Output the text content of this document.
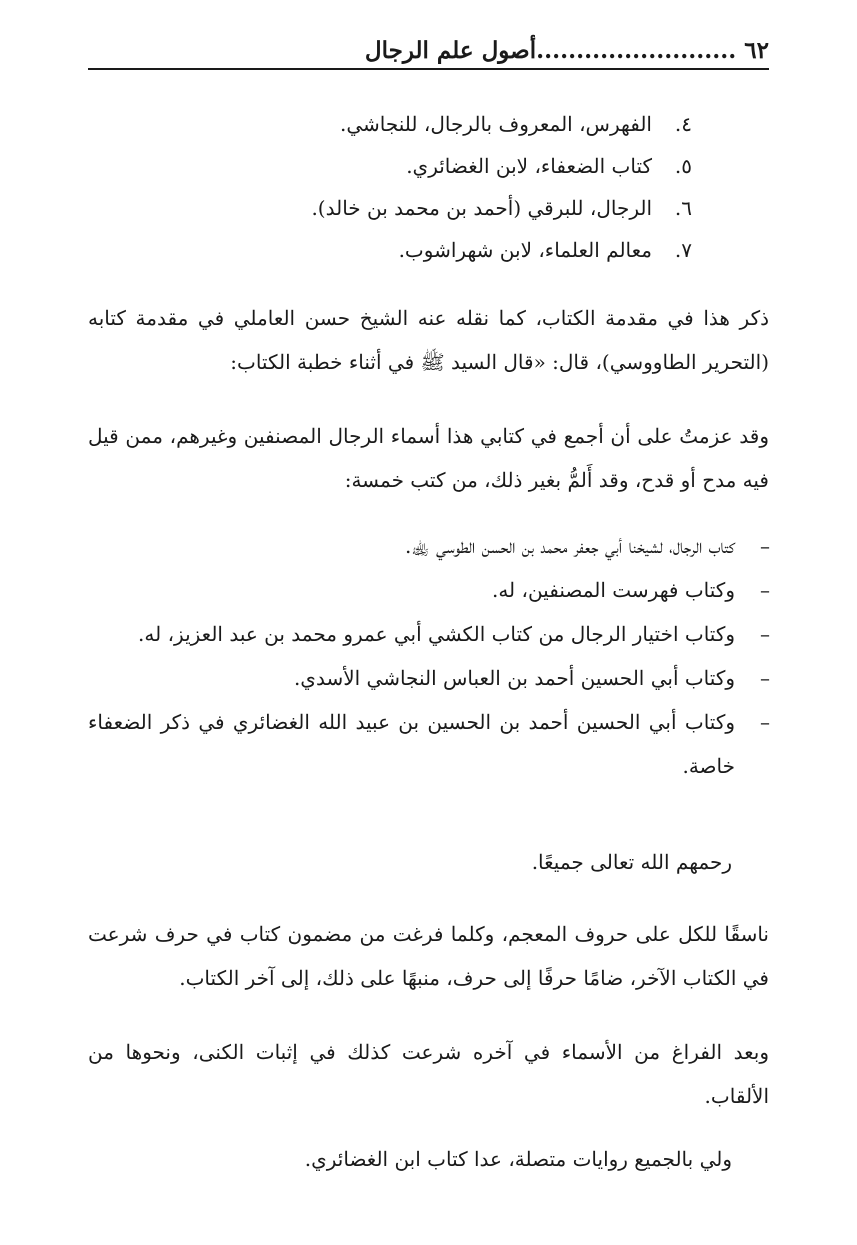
٦٢ .........................أصول علم الرجال
٤.الفهرس، المعروف بالرجال، للنجاشي.
٥.كتاب الضعفاء، لابن الغضائري.
٦.الرجال، للبرقي (أحمد بن محمد بن خالد).
٧.معالم العلماء، لابن شهراشوب.

ذكر هذا في مقدمة الكتاب، كما نقله عنه الشيخ حسن العاملي في مقدمة كتابه (التحرير الطاووسي)، قال: «قال السيد ﷺ في أثناء خطبة الكتاب:

وقد عزمتُ على أن أجمع في كتابي هذا أسماء الرجال المصنفين وغيرهم، ممن قيل فيه مدح أو قدح، وقد أَلمُّ بغير ذلك، من كتب خمسة:

–
كتاب الرجال، لشيخنا أبي جعفر محمد بن الحسن الطوسي ﵀.
–
وكتاب فهرست المصنفين، له.
–
وكتاب اختيار الرجال من كتاب الكشي أبي عمرو محمد بن عبد العزيز، له.
–
وكتاب أبي الحسين أحمد بن العباس النجاشي الأسدي.
–
وكتاب أبي الحسين أحمد بن الحسين بن عبيد الله الغضائري في ذكر الضعفاء خاصة.

رحمهم الله تعالى جميعًا.

ناسقًا للكل على حروف المعجم، وكلما فرغت من مضمون كتاب في حرف شرعت في الكتاب الآخر، ضامًا حرفًا إلى حرف، منبهًا على ذلك، إلى آخر الكتاب.

وبعد الفراغ من الأسماء في آخره شرعت كذلك في إثبات الكنى، ونحوها من الألقاب.

ولي بالجميع روايات متصلة، عدا كتاب ابن الغضائري.
